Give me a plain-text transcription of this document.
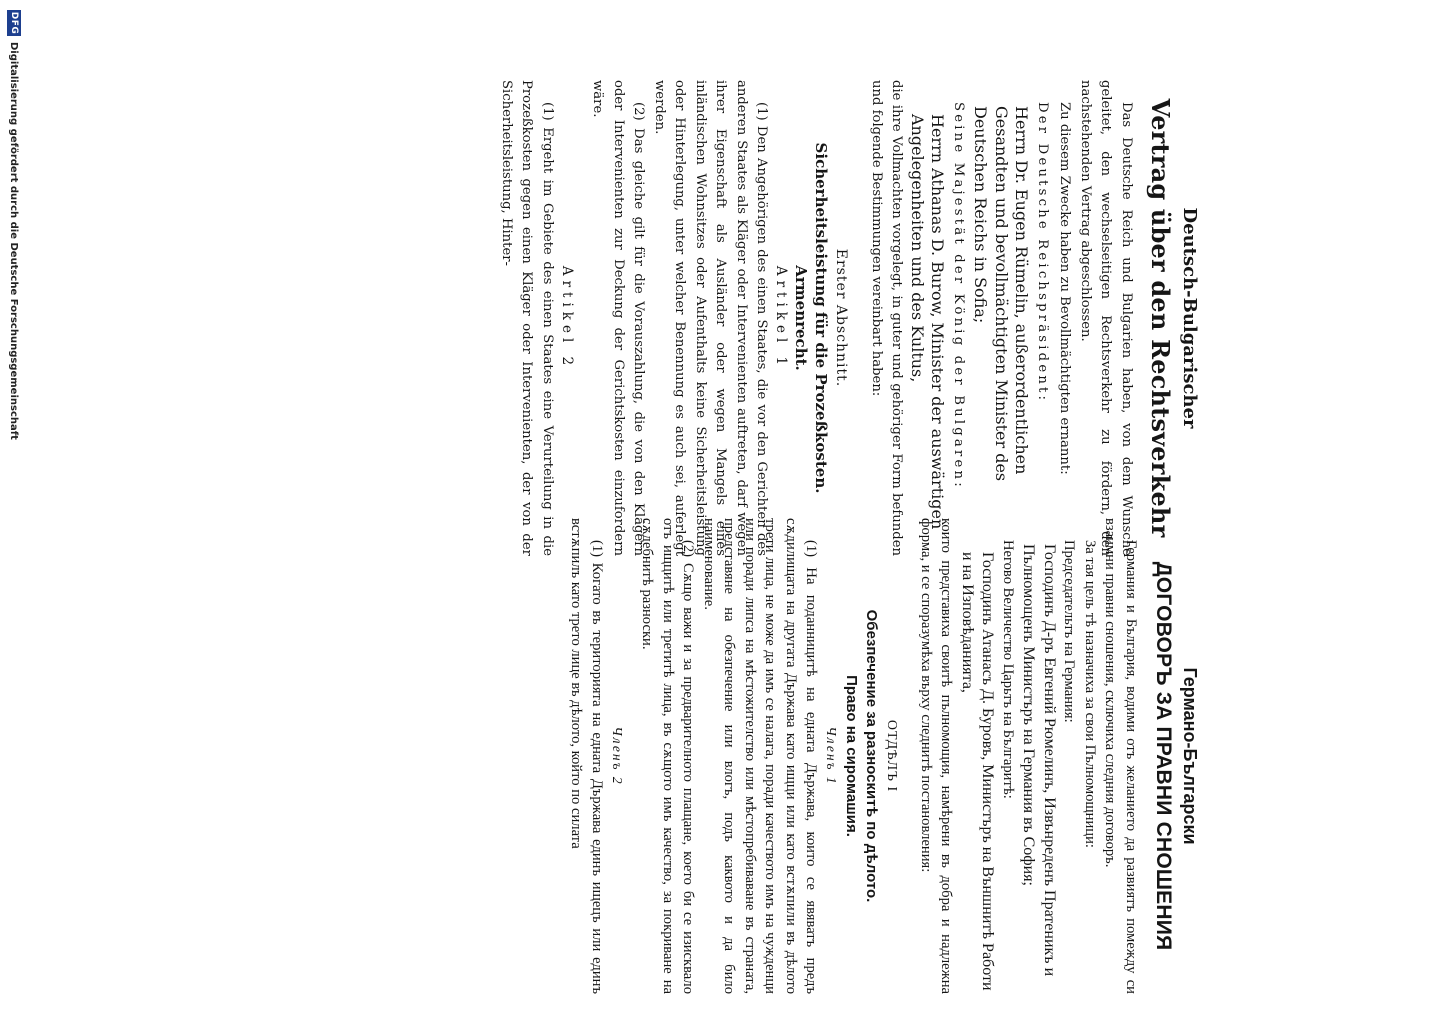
Deutsch-Bulgarischer
Vertrag über den Rechtsverkehr

Das Deutsche Reich und Bulgarien haben, von dem Wunsche geleitet, den wechselseitigen Rechtsverkehr zu fördern, den nachstehenden Vertrag abgeschlossen.

Zu diesem Zwecke haben zu Bevollmächtigten ernannt:

Der Deutsche Reichspräsident:

Herrn Dr. Eugen Rümelin, außerordentlichen Gesandten und bevollmächtigten Minister des Deutschen Reichs in Sofia;

Seine Majestät der König der Bulgaren:

Herrn Athanas D. Burow, Minister der auswärtigen Angelegenheiten und des Kultus,

die ihre Vollmachten vorgelegt, in guter und gehöriger Form befunden und folgende Bestimmungen vereinbart haben:

Erster Abschnitt.
Sicherheitsleistung für die Prozeßkosten.
Armenrecht.
Artikel 1

(1) Den Angehörigen des einen Staates, die vor den Gerichten des anderen Staates als Kläger oder Intervenienten auftreten, darf wegen ihrer Eigenschaft als Ausländer oder wegen Mangels eines inländischen Wohnsitzes oder Aufenthalts keine Sicherheitsleistung oder Hinterlegung, unter welcher Benennung es auch sei, auferlegt werden.

(2) Das gleiche gilt für die Vorauszahlung, die von den Klägern oder Intervenienten zur Deckung der Gerichtskosten einzufordern wäre.

Artikel 2

(1) Ergeht im Gebiete des einen Staates eine Verurteilung in die Prozeßkosten gegen einen Kläger oder Intervenienten, der von der Sicherheitsleistung, Hinter-

Германо-Български
ДОГОВОРЪ ЗА ПРАВНИ СНОШЕНИЯ

Германия и България, водими отъ желанието да развиятъ помежду си взаимни правни сношения, сключиха следния договоръ.

За тая цель тѣ назначиха за свои Пълномощници:

Председательтъ на Германия:

Господинъ Д-ръ Евгений Рюмелинъ, Извънреденъ Пратеникъ и Пълномощенъ Министъръ на Германия въ София;

Негово Величество Царьтъ на Българитѣ:

Господинъ Атанасъ Д. Буровъ, Министъръ на Външнитѣ Работи и на Изповѣданията,

които представиха своитѣ пълномощия, намѣрени въ добра и надлежна форма, и се споразумѣха върху следнитѣ постановления:

ОТДѢЛЪ I
Обезпечение за разноскитѣ по дѣлото.
Право на сиромашия.
Членъ 1

(1) На поданницитѣ на едната Държава, които се явяватъ предъ сѫдилищата на другата Държава като ищци или като встѫпили въ дѣлото трети лица, не може да имъ се налага, поради качеството имъ на чужденци или поради липса на мѣстожителство или мѣстопребиваване въ страната, представяне на обезпечение или влогъ, подъ каквото и да било наименование.

(2) Сѫщо важи и за предварителното плащане, което би се изисквало отъ ищцитѣ или третитѣ лица, въ сѫщото имъ качество, за покриване на сѫдебнитѣ разноски.

Членъ 2

(1) Когато въ територията на едната Държава единъ ищецъ или единъ встѫпилъ като трето лице въ дѣлото, който по силата

DFG
Digitalisierung gefördert durch die Deutsche Forschungsgemeinschaft
